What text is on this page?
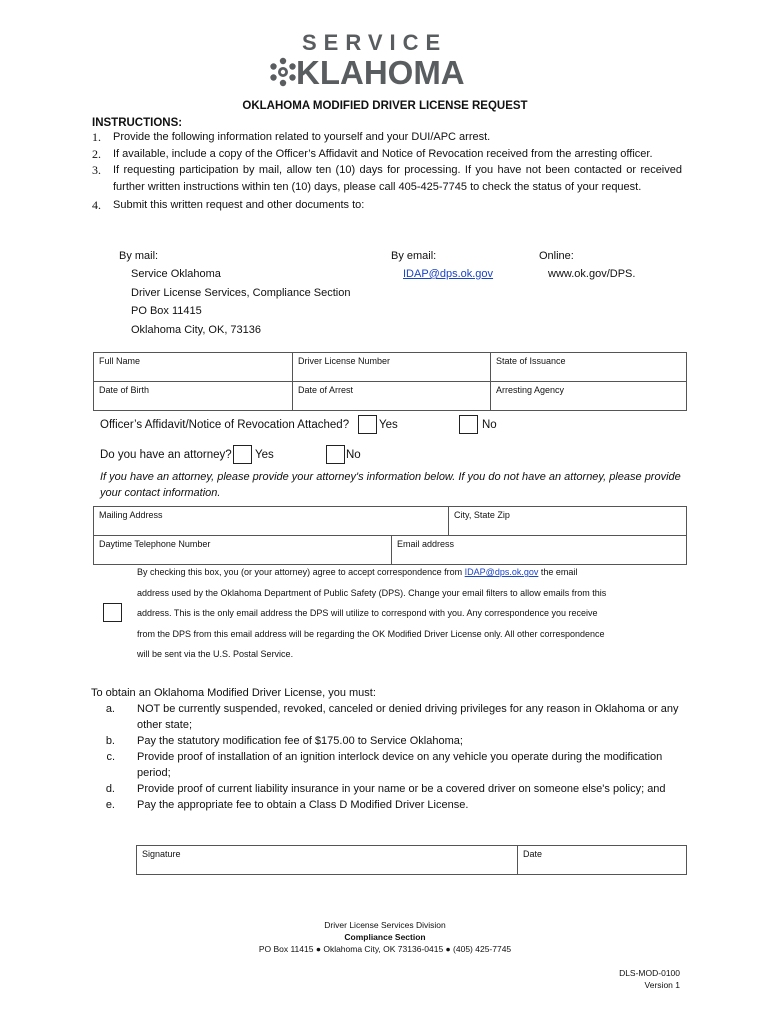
SERVICE
KLAHOMA
OKLAHOMA MODIFIED DRIVER LICENSE REQUEST
INSTRUCTIONS:
1.	Provide the following information related to yourself and your DUI/APC arrest.
2.	If available, include a copy of the Officer’s Affidavit and Notice of Revocation received from the arresting officer.
3.	If requesting participation by mail, allow ten (10) days for processing. If you have not been contacted or received further written instructions within ten (10) days, please call 405-425-7745 to check the status of your request.
4.	Submit this written request and other documents to:
By mail:
Service Oklahoma
Driver License Services, Compliance Section
PO Box 11415
Oklahoma City, OK, 73136
By email:
IDAP@dps.ok.gov
Online:
www.ok.gov/DPS.
Full Name	Driver License Number	State of Issuance
Date of Birth	Date of Arrest	Arresting Agency
Officer’s Affidavit/Notice of Revocation Attached?	Yes	No
Do you have an attorney? Yes	No
If you have an attorney, please provide your attorney's information below. If you do not have an attorney, please provide your contact information.
Mailing Address	City, State Zip
Daytime Telephone Number	Email address
By checking this box, you (or your attorney) agree to accept correspondence from IDAP@dps.ok.gov the email
address used by the Oklahoma Department of Public Safety (DPS). Change your email filters to allow emails from this
address. This is the only email address the DPS will utilize to correspond with you. Any correspondence you receive
from the DPS from this email address will be regarding the OK Modified Driver License only. All other correspondence
will be sent via the U.S. Postal Service.
To obtain an Oklahoma Modified Driver License, you must:
a.	NOT be currently suspended, revoked, canceled or denied driving privileges for any reason in Oklahoma or any other state;
b.	Pay the statutory modification fee of $175.00 to Service Oklahoma;
c.	Provide proof of installation of an ignition interlock device on any vehicle you operate during the modification period;
d.	Provide proof of current liability insurance in your name or be a covered driver on someone else's policy; and
e.	Pay the appropriate fee to obtain a Class D Modified Driver License.
Signature	Date
Driver License Services Division
Compliance Section
PO Box 11415 ● Oklahoma City, OK 73136-0415 ● (405) 425-7745
DLS-MOD-0100
Version 1
